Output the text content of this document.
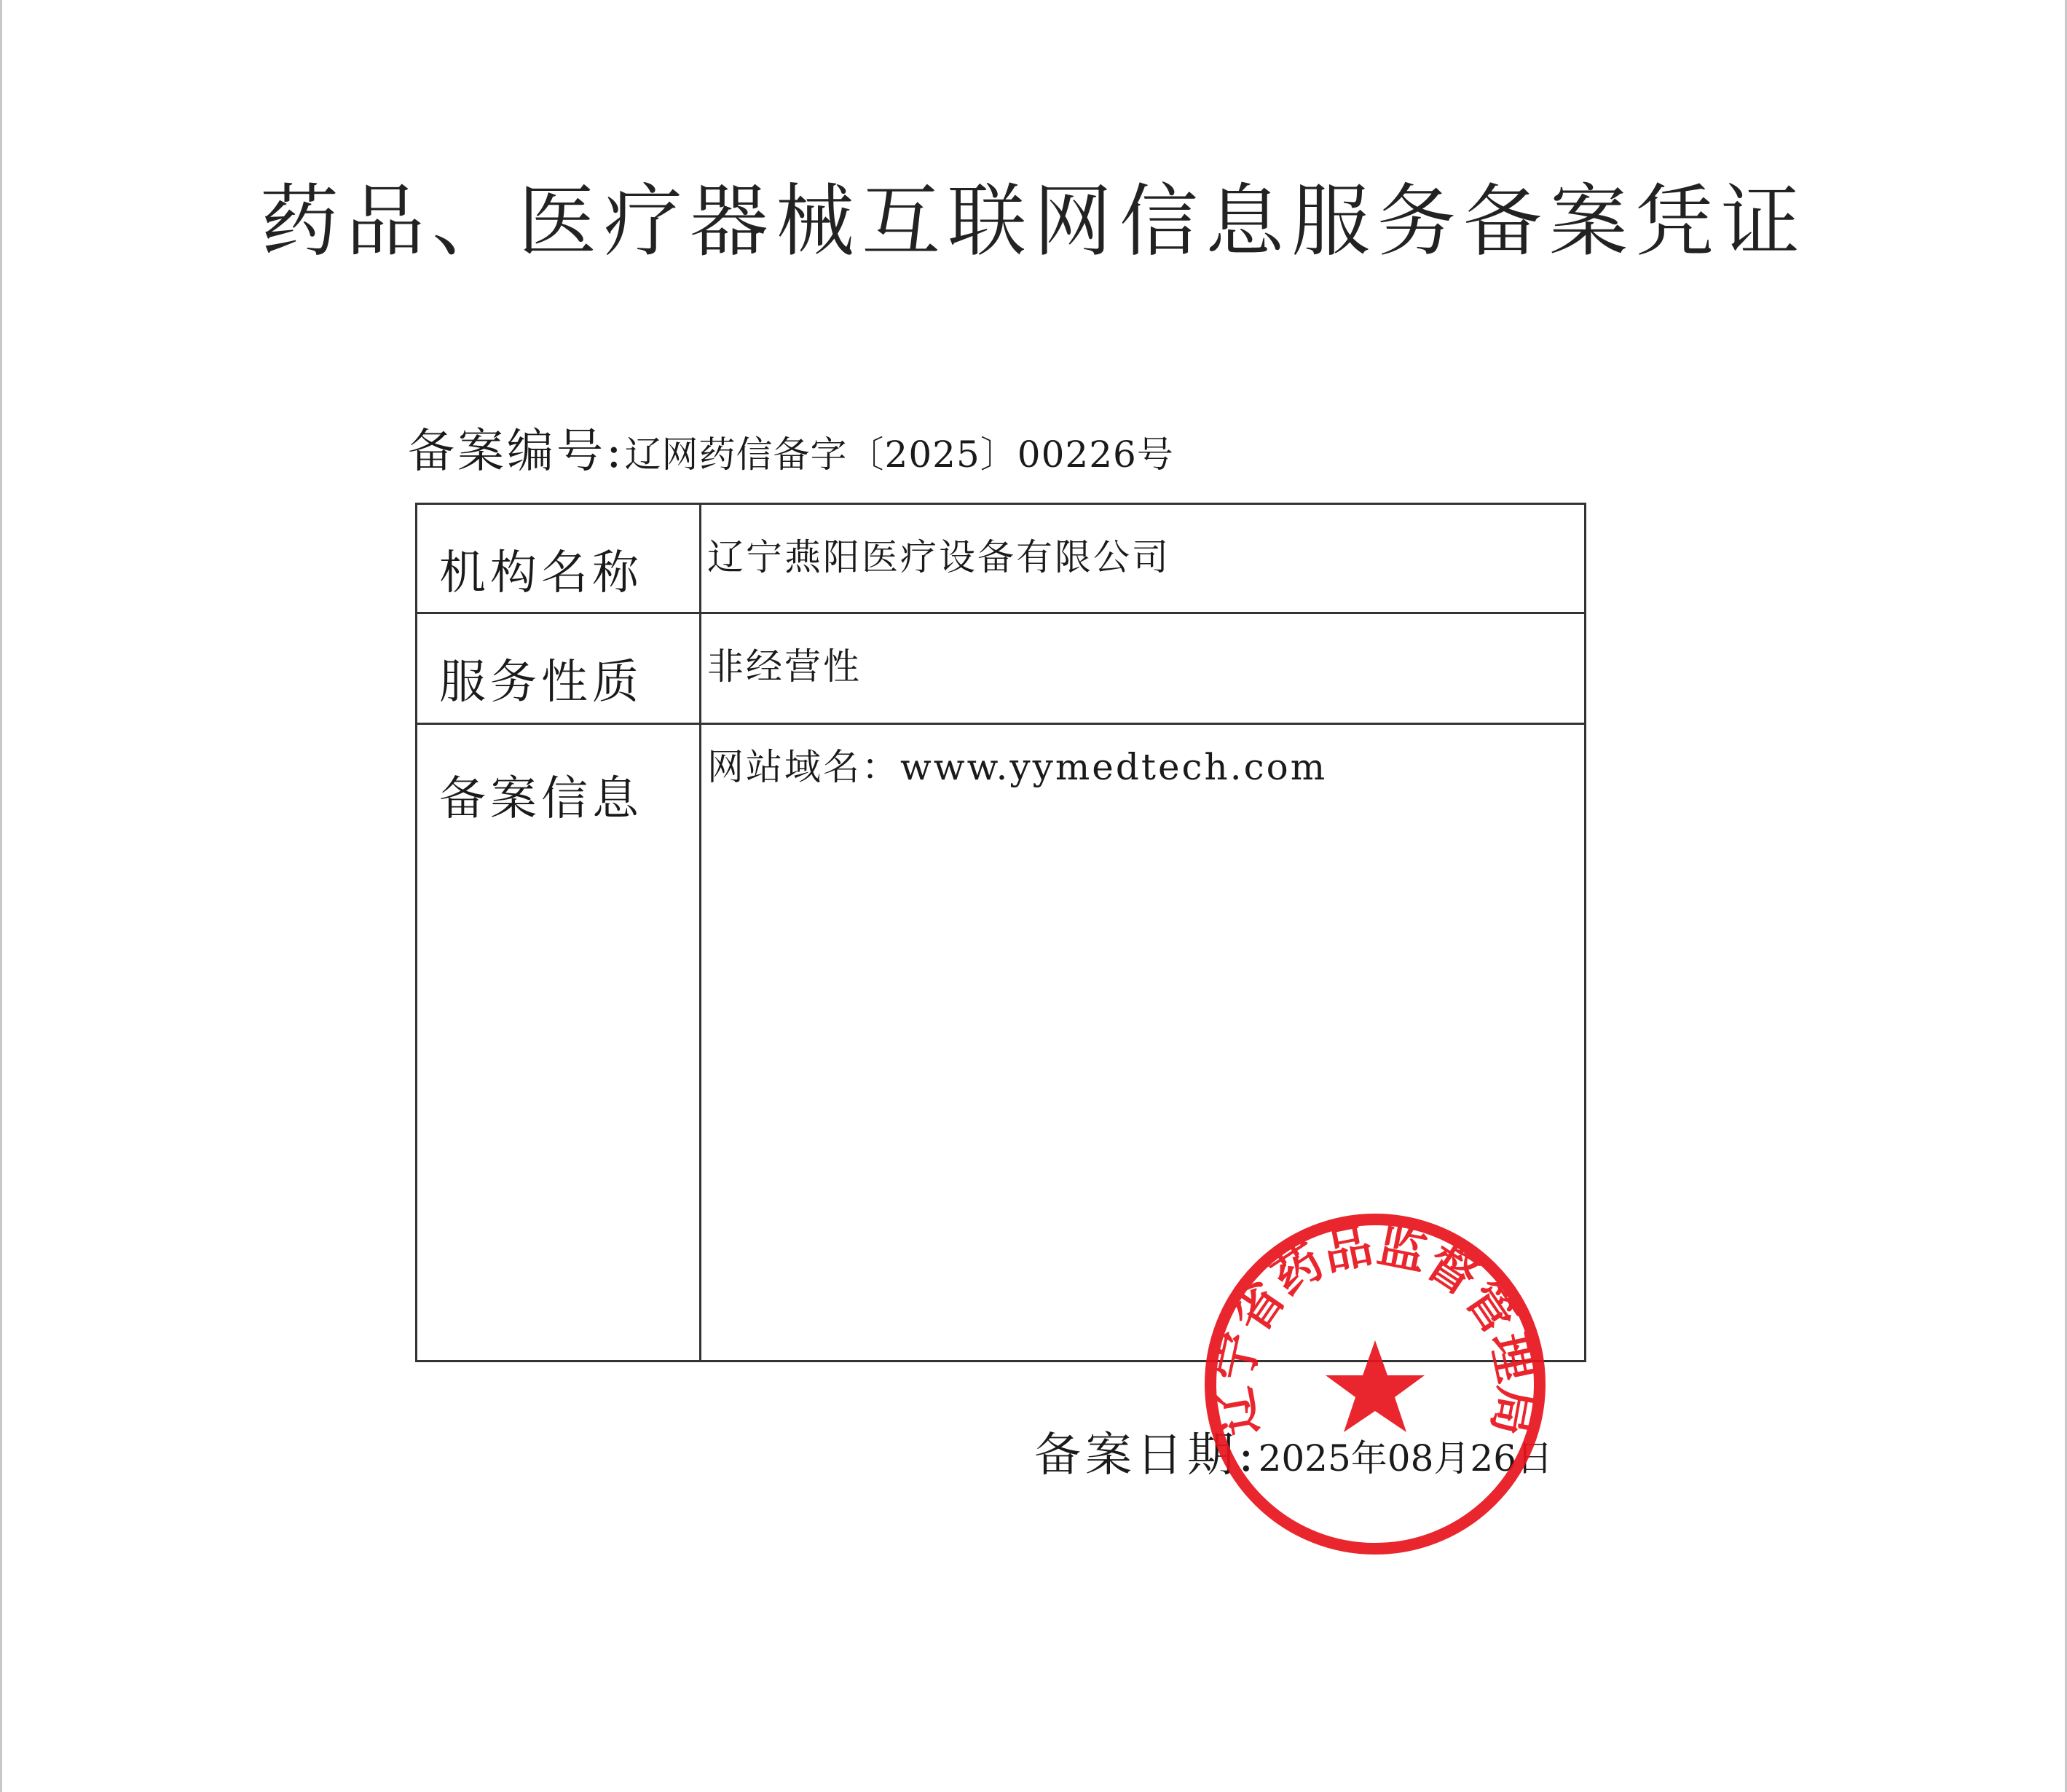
药品、医疗器械互联网信息服务备案凭证
备案编号:辽网药信备字〔2025〕00226号
机构名称	辽宁燕阳医疗设备有限公司
服务性质	非经营性
备案信息	网站域名：www.yymedtech.com
备案日期:2025年08月26日
辽宁省药品监督管理局
